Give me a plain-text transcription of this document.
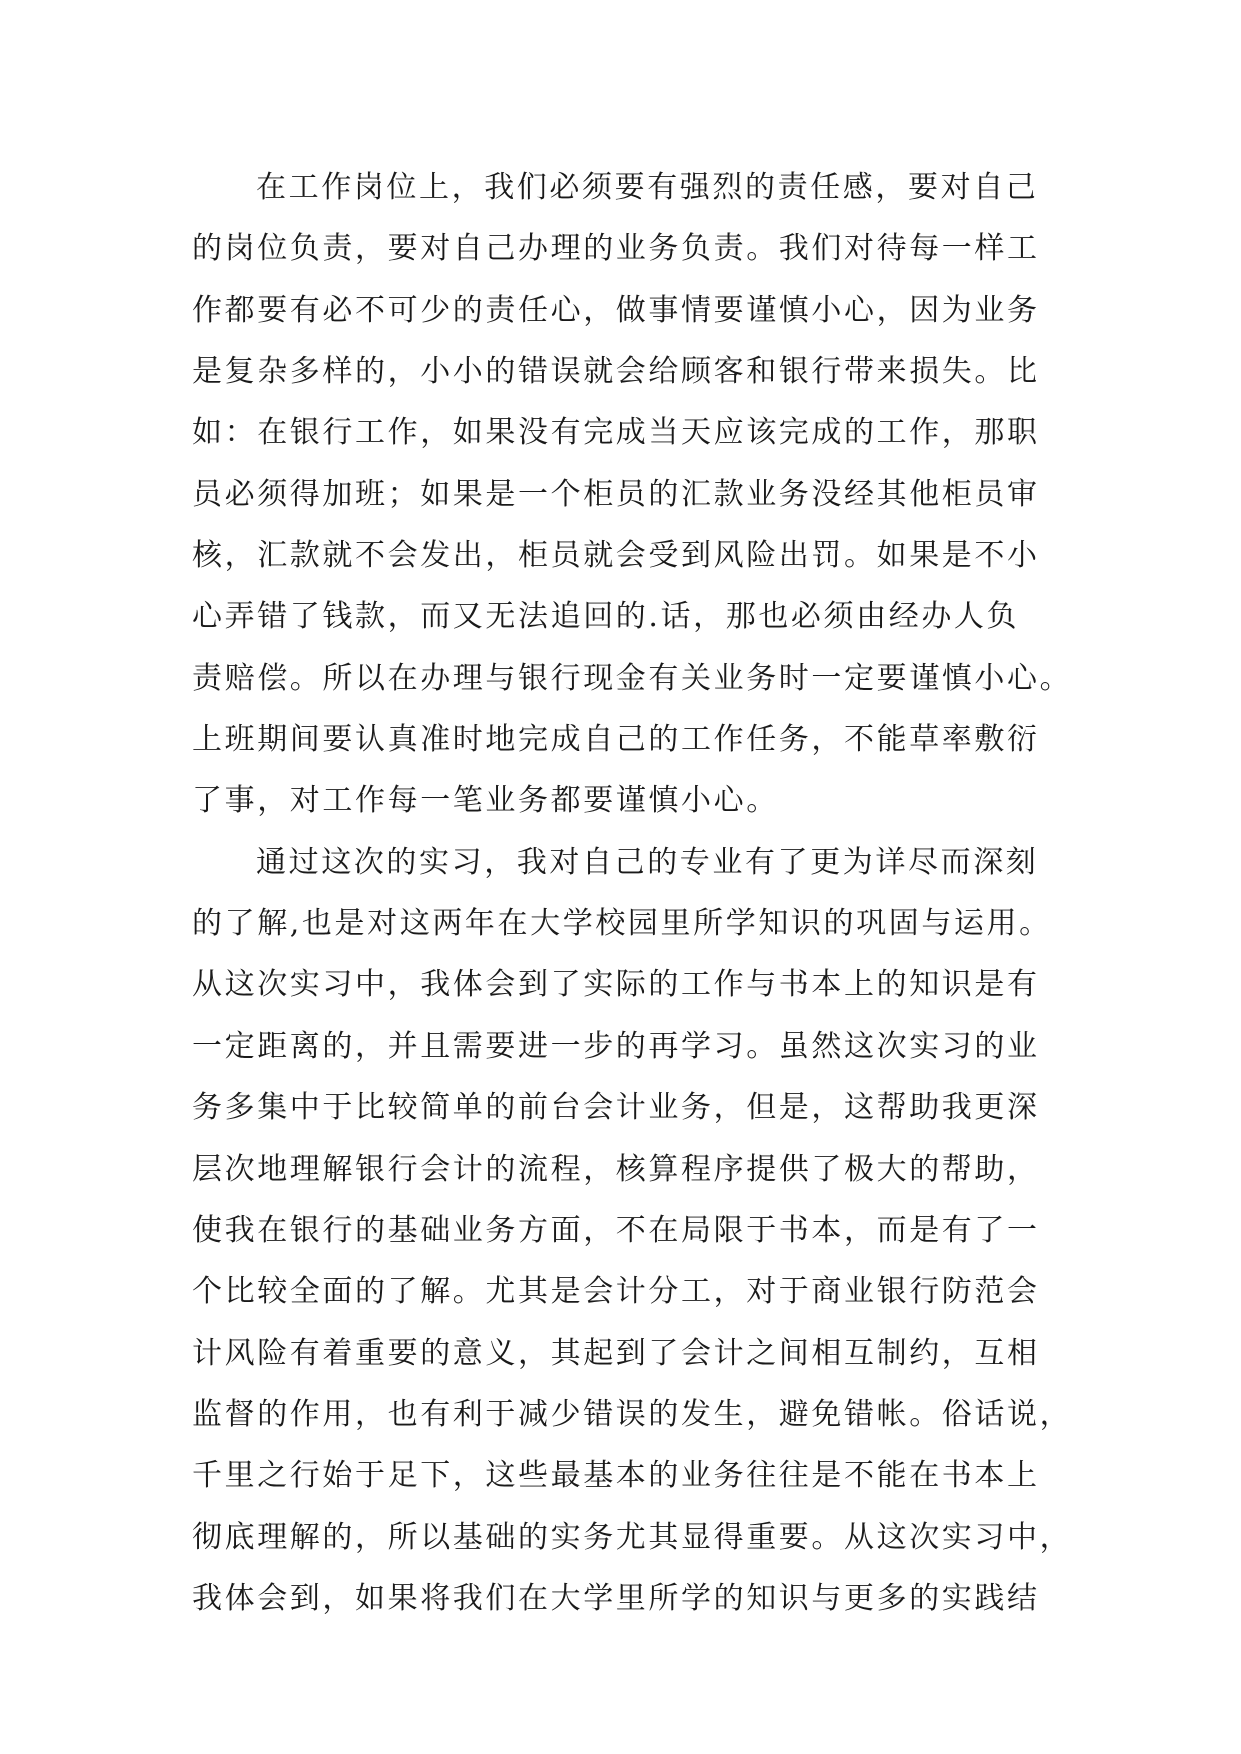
在工作岗位上，我们必须要有强烈的责任感，要对自己
的岗位负责，要对自己办理的业务负责。我们对待每一样工
作都要有必不可少的责任心，做事情要谨慎小心，因为业务
是复杂多样的，小小的错误就会给顾客和银行带来损失。比
如：在银行工作，如果没有完成当天应该完成的工作，那职
员必须得加班；如果是一个柜员的汇款业务没经其他柜员审
核，汇款就不会发出，柜员就会受到风险出罚。如果是不小
心弄错了钱款，而又无法追回的.话，那也必须由经办人负
责赔偿。所以在办理与银行现金有关业务时一定要谨慎小心。
上班期间要认真准时地完成自己的工作任务，不能草率敷衍
了事，对工作每一笔业务都要谨慎小心。
通过这次的实习，我对自己的专业有了更为详尽而深刻
的了解,也是对这两年在大学校园里所学知识的巩固与运用。
从这次实习中，我体会到了实际的工作与书本上的知识是有
一定距离的，并且需要进一步的再学习。虽然这次实习的业
务多集中于比较简单的前台会计业务，但是，这帮助我更深
层次地理解银行会计的流程，核算程序提供了极大的帮助，
使我在银行的基础业务方面，不在局限于书本，而是有了一
个比较全面的了解。尤其是会计分工，对于商业银行防范会
计风险有着重要的意义，其起到了会计之间相互制约，互相
监督的作用，也有利于减少错误的发生，避免错帐。俗话说，
千里之行始于足下，这些最基本的业务往往是不能在书本上
彻底理解的，所以基础的实务尤其显得重要。从这次实习中，
我体会到，如果将我们在大学里所学的知识与更多的实践结
